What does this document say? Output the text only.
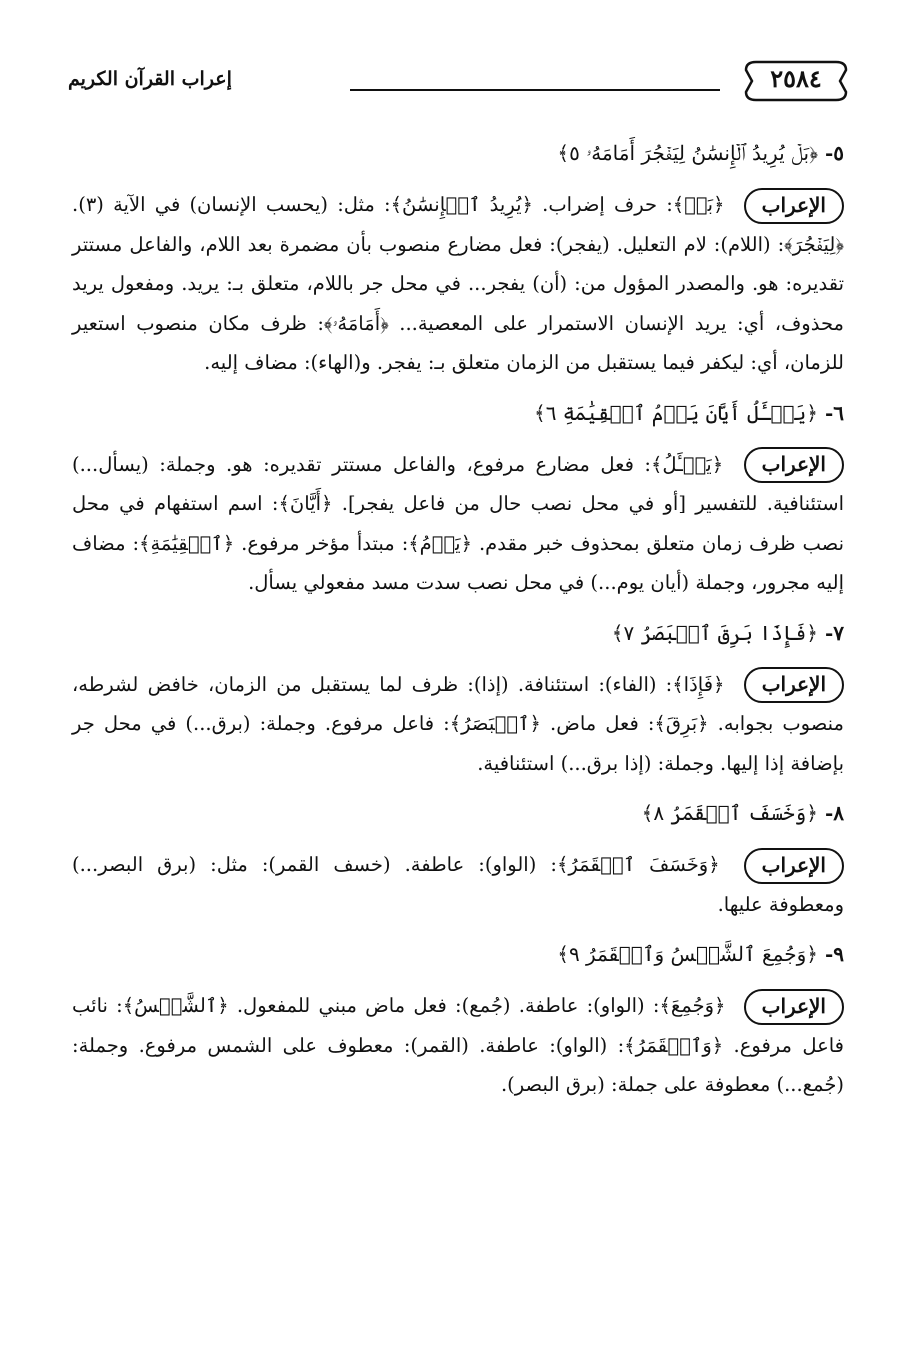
٢٥٨٤
إعراب القرآن الكريم
٥- ﴿بَلۡ يُرِيدُ ٱلۡإِنسَٰنُ لِيَفۡجُرَ أَمَامَهُۥ ٥﴾
الإعراب ﴿بَلۡ﴾: حرف إضراب. ﴿يُرِيدُ ٱلۡإِنسَٰنُ﴾: مثل: (يحسب الإنسان) في الآية (٣). ﴿لِيَفۡجُرَ﴾: (اللام): لام التعليل. (يفجر): فعل مضارع منصوب بأن مضمرة بعد اللام، والفاعل مستتر تقديره: هو. والمصدر المؤول من: (أن) يفجر... في محل جر باللام، متعلق بـ: يريد. ومفعول يريد محذوف، أي: يريد الإنسان الاستمرار على المعصية... ﴿أَمَامَهُۥ﴾: ظرف مكان منصوب استعير للزمان، أي: ليكفر فيما يستقبل من الزمان متعلق بـ: يفجر. و(الهاء): مضاف إليه.
٦- ﴿يَسۡـَٔلُ أَيَّانَ يَوۡمُ ٱلۡقِيَٰمَةِ ٦﴾
الإعراب ﴿يَسۡـَٔلُ﴾: فعل مضارع مرفوع، والفاعل مستتر تقديره: هو. وجملة: (يسأل...) استئنافية. للتفسير [أو في محل نصب حال من فاعل يفجر]. ﴿أَيَّانَ﴾: اسم استفهام في محل نصب ظرف زمان متعلق بمحذوف خبر مقدم. ﴿يَوۡمُ﴾: مبتدأ مؤخر مرفوع. ﴿ٱلۡقِيَٰمَةِ﴾: مضاف إليه مجرور، وجملة (أيان يوم...) في محل نصب سدت مسد مفعولي يسأل.
٧- ﴿فَإِذَا بَرِقَ ٱلۡبَصَرُ ٧﴾
الإعراب ﴿فَإِذَا﴾: (الفاء): استئنافة. (إذا): ظرف لما يستقبل من الزمان، خافض لشرطه، منصوب بجوابه. ﴿بَرِقَ﴾: فعل ماض. ﴿ٱلۡبَصَرُ﴾: فاعل مرفوع. وجملة: (برق...) في محل جر بإضافة إذا إليها. وجملة: (إذا برق...) استئنافية.
٨- ﴿وَخَسَفَ ٱلۡقَمَرُ ٨﴾
الإعراب ﴿وَخَسَفَ ٱلۡقَمَرُ﴾: (الواو): عاطفة. (خسف القمر): مثل: (برق البصر...) ومعطوفة عليها.
٩- ﴿وَجُمِعَ ٱلشَّمۡسُ وَٱلۡقَمَرُ ٩﴾
الإعراب ﴿وَجُمِعَ﴾: (الواو): عاطفة. (جُمع): فعل ماض مبني للمفعول. ﴿ٱلشَّمۡسُ﴾: نائب فاعل مرفوع. ﴿وَٱلۡقَمَرُ﴾: (الواو): عاطفة. (القمر): معطوف على الشمس مرفوع. وجملة: (جُمع...) معطوفة على جملة: (برق البصر).
